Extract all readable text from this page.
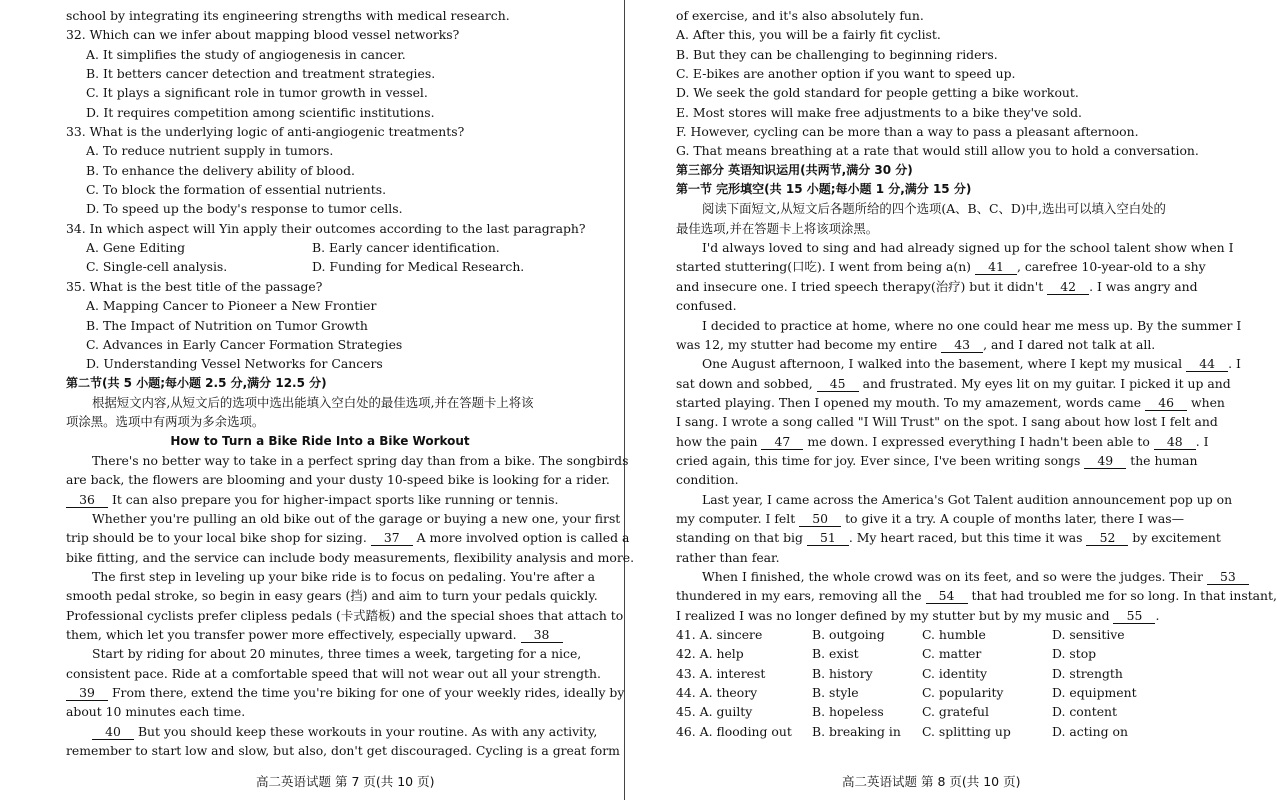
school by integrating its engineering strengths with medical research.
32. Which can we infer about mapping blood vessel networks?
A. It simplifies the study of angiogenesis in cancer.
B. It betters cancer detection and treatment strategies.
C. It plays a significant role in tumor growth in vessel.
D. It requires competition among scientific institutions.
33. What is the underlying logic of anti-angiogenic treatments?
A. To reduce nutrient supply in tumors.
B. To enhance the delivery ability of blood.
C. To block the formation of essential nutrients.
D. To speed up the body's response to tumor cells.
34. In which aspect will Yin apply their outcomes according to the last paragraph?
A. Gene Editing	B. Early cancer identification.
C. Single-cell analysis.	D. Funding for Medical Research.
35. What is the best title of the passage?
A. Mapping Cancer to Pioneer a New Frontier
B. The Impact of Nutrition on Tumor Growth
C. Advances in Early Cancer Formation Strategies
D. Understanding Vessel Networks for Cancers
第二节(共 5 小题;每小题 2.5 分,满分 12.5 分)
根据短文内容,从短文后的选项中选出能填入空白处的最佳选项,并在答题卡上将该
项涂黑。选项中有两项为多余选项。
How to Turn a Bike Ride Into a Bike Workout
There's no better way to take in a perfect spring day than from a bike. The songbirds
are back, the flowers are blooming and your dusty 10-speed bike is looking for a rider.
36 It can also prepare you for higher-impact sports like running or tennis.
Whether you're pulling an old bike out of the garage or buying a new one, your first
trip should be to your local bike shop for sizing. 37 A more involved option is called a
bike fitting, and the service can include body measurements, flexibility analysis and more.
The first step in leveling up your bike ride is to focus on pedaling. You're after a
smooth pedal stroke, so begin in easy gears (挡) and aim to turn your pedals quickly.
Professional cyclists prefer clipless pedals (卡式踏板) and the special shoes that attach to
them, which let you transfer power more effectively, especially upward. 38
Start by riding for about 20 minutes, three times a week, targeting for a nice,
consistent pace. Ride at a comfortable speed that will not wear out all your strength.
39 From there, extend the time you're biking for one of your weekly rides, ideally by
about 10 minutes each time.
40 But you should keep these workouts in your routine. As with any activity,
remember to start low and slow, but also, don't get discouraged. Cycling is a great form
of exercise, and it's also absolutely fun.
A. After this, you will be a fairly fit cyclist.
B. But they can be challenging to beginning riders.
C. E-bikes are another option if you want to speed up.
D. We seek the gold standard for people getting a bike workout.
E. Most stores will make free adjustments to a bike they've sold.
F. However, cycling can be more than a way to pass a pleasant afternoon.
G. That means breathing at a rate that would still allow you to hold a conversation.
第三部分 英语知识运用(共两节,满分 30 分)
第一节 完形填空(共 15 小题;每小题 1 分,满分 15 分)
阅读下面短文,从短文后各题所给的四个选项(A、B、C、D)中,选出可以填入空白处的
最佳选项,并在答题卡上将该项涂黑。
I'd always loved to sing and had already signed up for the school talent show when I
started stuttering(口吃). I went from being a(n) 41 , carefree 10-year-old to a shy
and insecure one. I tried speech therapy(治疗) but it didn't 42 . I was angry and
confused.
I decided to practice at home, where no one could hear me mess up. By the summer I
was 12, my stutter had become my entire 43 , and I dared not talk at all.
One August afternoon, I walked into the basement, where I kept my musical 44 . I
sat down and sobbed, 45 and frustrated. My eyes lit on my guitar. I picked it up and
started playing. Then I opened my mouth. To my amazement, words came 46 when
I sang. I wrote a song called "I Will Trust" on the spot. I sang about how lost I felt and
how the pain 47 me down. I expressed everything I hadn't been able to 48 . I
cried again, this time for joy. Ever since, I've been writing songs 49 the human
condition.
Last year, I came across the America's Got Talent audition announcement pop up on
my computer. I felt 50 to give it a try. A couple of months later, there I was—
standing on that big 51 . My heart raced, but this time it was 52 by excitement
rather than fear.
When I finished, the whole crowd was on its feet, and so were the judges. Their 53
thundered in my ears, removing all the 54 that had troubled me for so long. In that instant,
I realized I was no longer defined by my stutter but by my music and 55 .
41. A. sincere	B. outgoing	C. humble	D. sensitive
42. A. help	B. exist	C. matter	D. stop
43. A. interest	B. history	C. identity	D. strength
44. A. theory	B. style	C. popularity	D. equipment
45. A. guilty	B. hopeless	C. grateful	D. content
46. A. flooding out	B. breaking in	C. splitting up	D. acting on
高二英语试题 第 7 页(共 10 页)	高二英语试题 第 8 页(共 10 页)
